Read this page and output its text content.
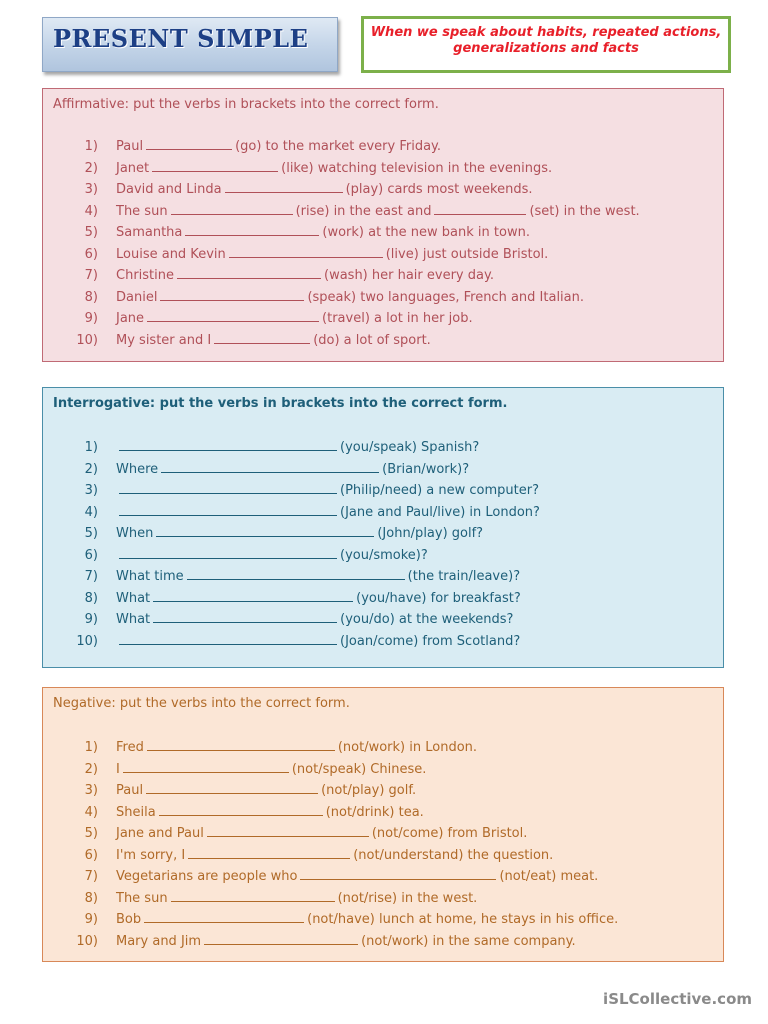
PRESENT SIMPLE	When we speak about habits, repeated actions, generalizations and facts
Affirmative: put the verbs in brackets into the correct form.
1) Paul	(go) to the market every Friday.
2) Janet	(like) watching television in the evenings.
3) David and Linda	(play) cards most weekends.
4) The sun	(rise) in the east and	(set) in the west.
5) Samantha	(work) at the new bank in town.
6) Louise and Kevin	(live) just outside Bristol.
7) Christine	(wash) her hair every day.
8) Daniel	(speak) two languages, French and Italian.
9) Jane	(travel) a lot in her job.
10) My sister and I	(do) a lot of sport.
Interrogative: put the verbs in brackets into the correct form.
1)	(you/speak) Spanish?
2) Where	(Brian/work)?
3)	(Philip/need) a new computer?
4)	(Jane and Paul/live) in London?
5) When	(John/play) golf?
6)	(you/smoke)?
7) What time	(the train/leave)?
8) What	(you/have) for breakfast?
9) What	(you/do) at the weekends?
10)	(Joan/come) from Scotland?
Negative: put the verbs into the correct form.
1) Fred	(not/work) in London.
2) I	(not/speak) Chinese.
3) Paul	(not/play) golf.
4) Sheila	(not/drink) tea.
5) Jane and Paul	(not/come) from Bristol.
6) I'm sorry, I	(not/understand) the question.
7) Vegetarians are people who	(not/eat) meat.
8) The sun	(not/rise) in the west.
9) Bob	(not/have) lunch at home, he stays in his office.
10) Mary and Jim	(not/work) in the same company.
iSLCollective.com
